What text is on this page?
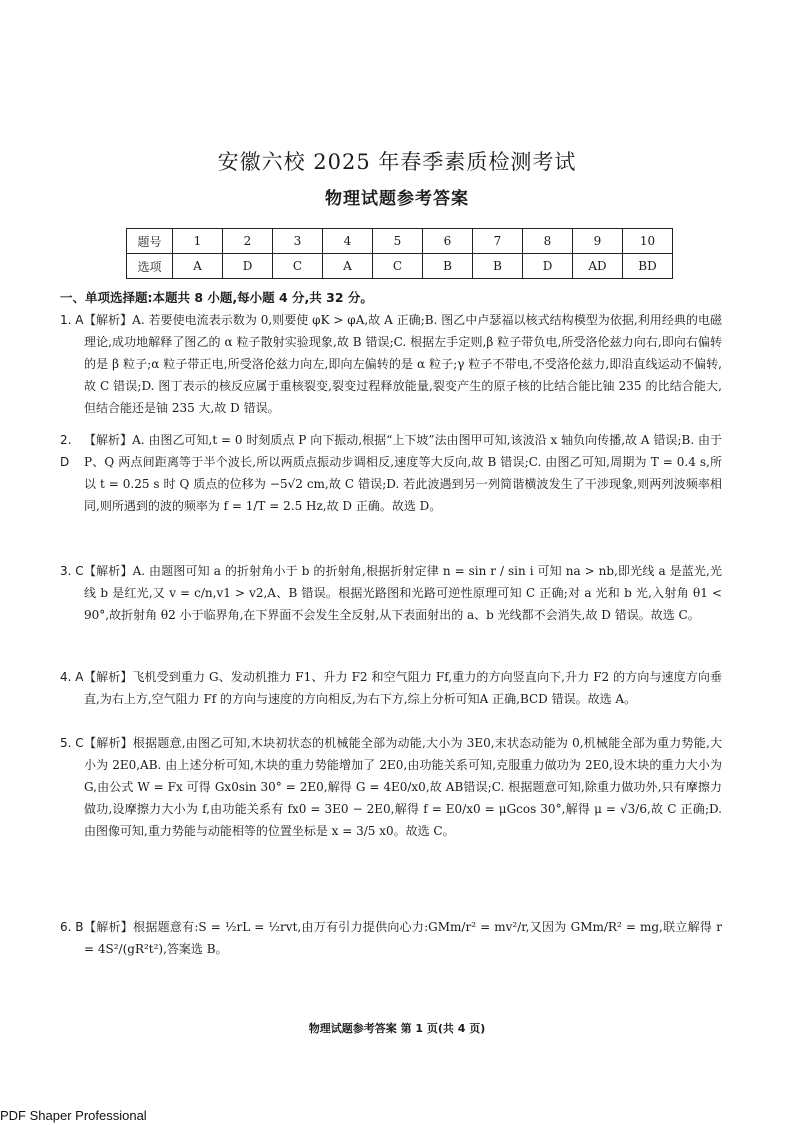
安徽六校 2025 年春季素质检测考试
物理试题参考答案
题号	1	2	3	4	5	6	7	8	9	10
选项	A	D	C	A	C	B	B	D	AD	BD
一、单项选择题:本题共 8 小题,每小题 4 分,共 32 分。
1. A 【解析】A. 若要使电流表示数为 0,则要使 φK > φA,故 A 正确;B. 图乙中卢瑟福以核式结构模型为依据,利用经典的电磁理论,成功地解释了图乙的 α 粒子散射实验现象,故 B 错误;C. 根据左手定则,β 粒子带负电,所受洛伦兹力向右,即向右偏转的是 β 粒子;α 粒子带正电,所受洛伦兹力向左,即向左偏转的是 α 粒子;γ 粒子不带电,不受洛伦兹力,即沿直线运动不偏转,故 C 错误;D. 图丁表示的核反应属于重核裂变,裂变过程释放能量,裂变产生的原子核的比结合能比铀 235 的比结合能大,但结合能还是铀 235 大,故 D 错误。
2. D
【解析】A. 由图乙可知,t = 0 时刻质点 P 向下振动,根据“上下坡”法由图甲可知,该波沿 x 轴负向传播,故 A 错误;B. 由于 P、Q 两点间距离等于半个波长,所以两质点振动步调相反,速度等大反向,故 B 错误;C. 由图乙可知,周期为 T = 0.4 s,所以 t = 0.25 s 时 Q 质点的位移为 −5√2 cm,故 C 错误;D. 若此波遇到另一列简谐横波发生了干涉现象,则两列波频率相同,则所遇到的波的频率为 f = 1/T = 2.5 Hz,故 D 正确。故选 D。
3. C 【解析】A. 由题图可知 a 的折射角小于 b 的折射角,根据折射定律 n = sin r / sin i 可知 na > nb,即光线 a 是蓝光,光线 b 是红光,又 v = c/n,v1 > v2,A、B 错误。根据光路图和光路可逆性原理可知 C 正确;对 a 光和 b 光,入射角 θ1 < 90°,故折射角 θ2 小于临界角,在下界面不会发生全反射,从下表面射出的 a、b 光线都不会消失,故 D 错误。故选 C。
4. A 【解析】飞机受到重力 G、发动机推力 F1、升力 F2 和空气阻力 Ff,重力的方向竖直向下,升力 F2 的方向与速度方向垂直,为右上方,空气阻力 Ff 的方向与速度的方向相反,为右下方,综上分析可知A 正确,BCD 错误。故选 A。
5. C 【解析】根据题意,由图乙可知,木块初状态的机械能全部为动能,大小为 3E0,末状态动能为 0,机械能全部为重力势能,大小为 2E0,AB. 由上述分析可知,木块的重力势能增加了 2E0,由功能关系可知,克服重力做功为 2E0,设木块的重力大小为 G,由公式 W = Fx 可得 Gx0sin 30° = 2E0,解得 G = 4E0/x0,故 AB错误;C. 根据题意可知,除重力做功外,只有摩擦力做功,设摩擦力大小为 f,由功能关系有 fx0 = 3E0 − 2E0,解得 f = E0/x0 = μGcos 30°,解得 μ = √3/6,故 C 正确;D. 由图像可知,重力势能与动能相等的位置坐标是 x = 3/5 x0。故选 C。
6. B 【解析】根据题意有:S = ½rL = ½rvt,由万有引力提供向心力:GMm/r² = mv²/r,又因为 GMm/R² = mg,联立解得 r = 4S²/(gR²t²),答案选 B。
物理试题参考答案 第 1 页(共 4 页)
PDF Shaper Professional
